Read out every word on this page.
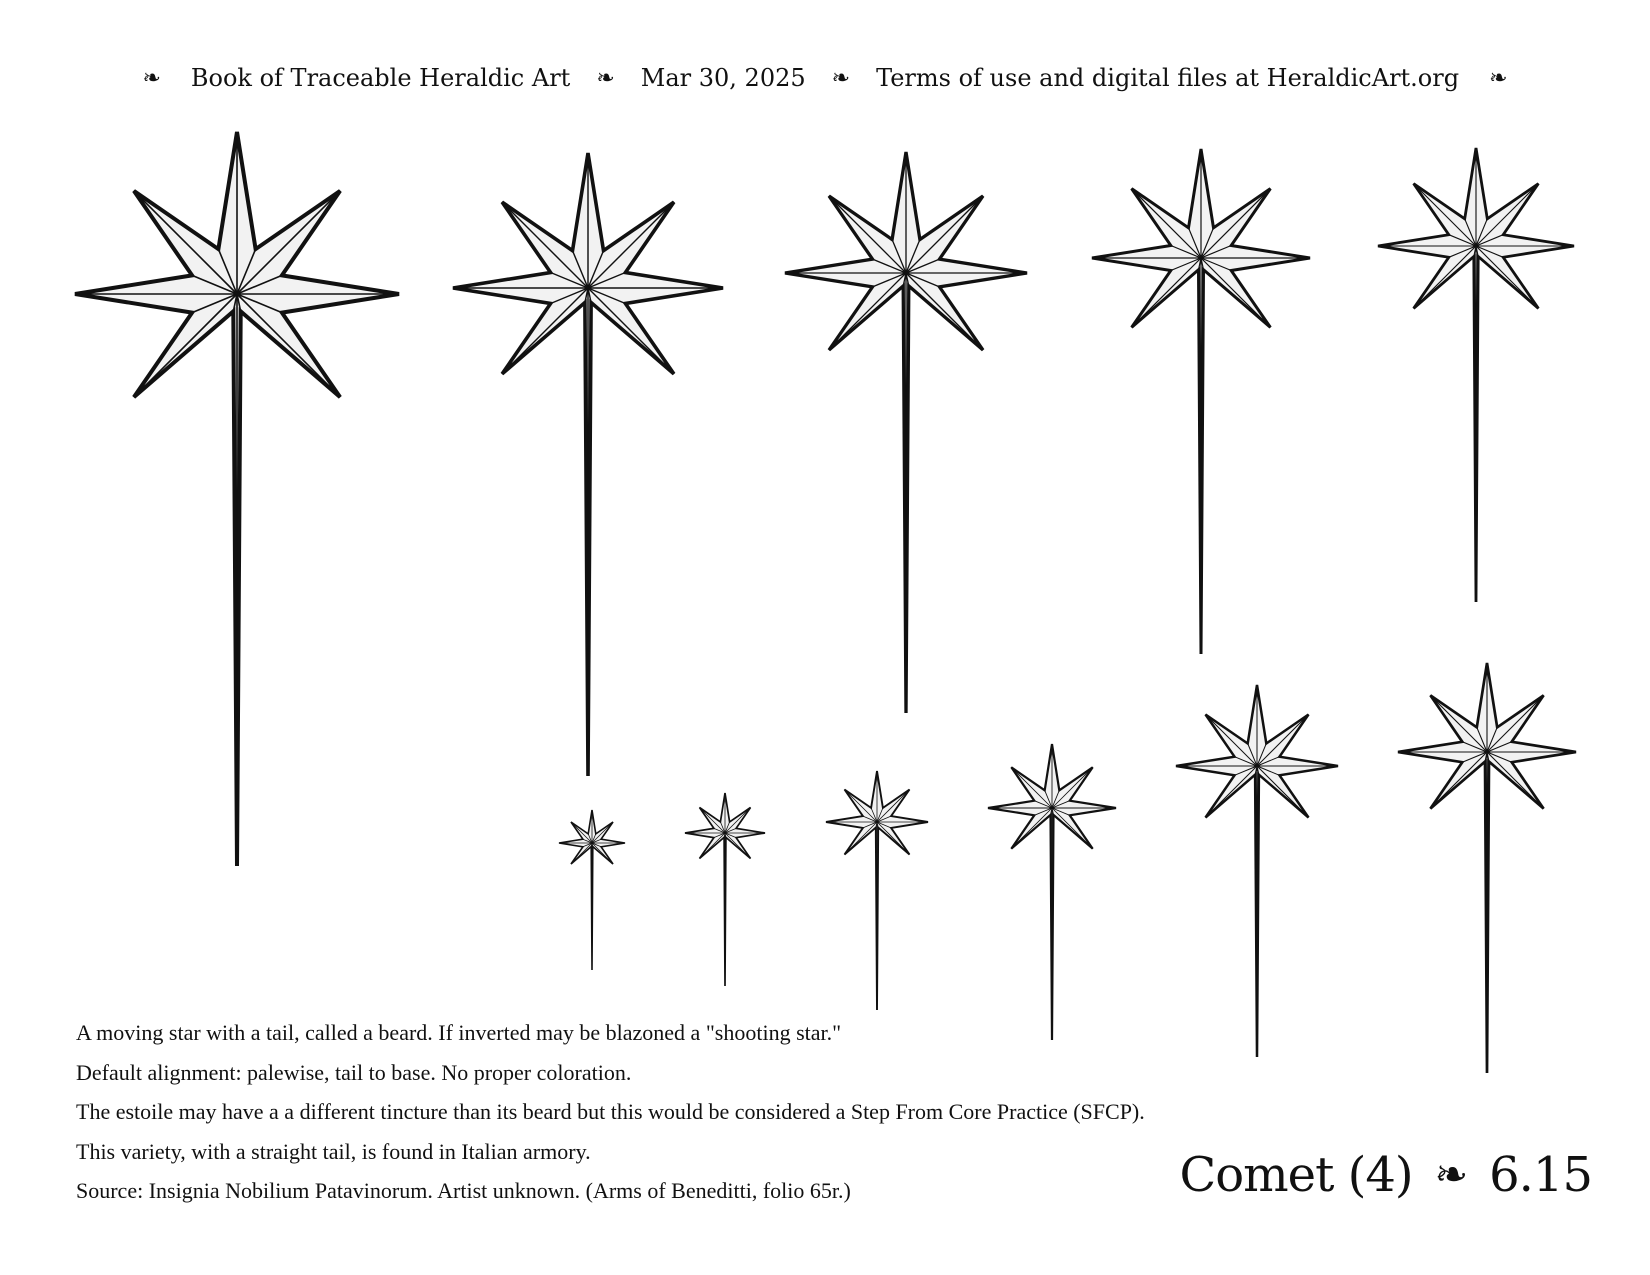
❧ Book of Traceable Heraldic Art ❧ Mar 30, 2025 ❧ Terms of use and digital files at HeraldicArt.org ❧
A moving star with a tail, called a beard. If inverted may be blazoned a "shooting star."
Default alignment: palewise, tail to base. No proper coloration.
The estoile may have a a different tincture than its beard but this would be considered a Step From Core Practice (SFCP).
This variety, with a straight tail, is found in Italian armory.
Source: Insignia Nobilium Patavinorum. Artist unknown. (Arms of Beneditti, folio 65r.)	Comet (4) ❧ 6.15
